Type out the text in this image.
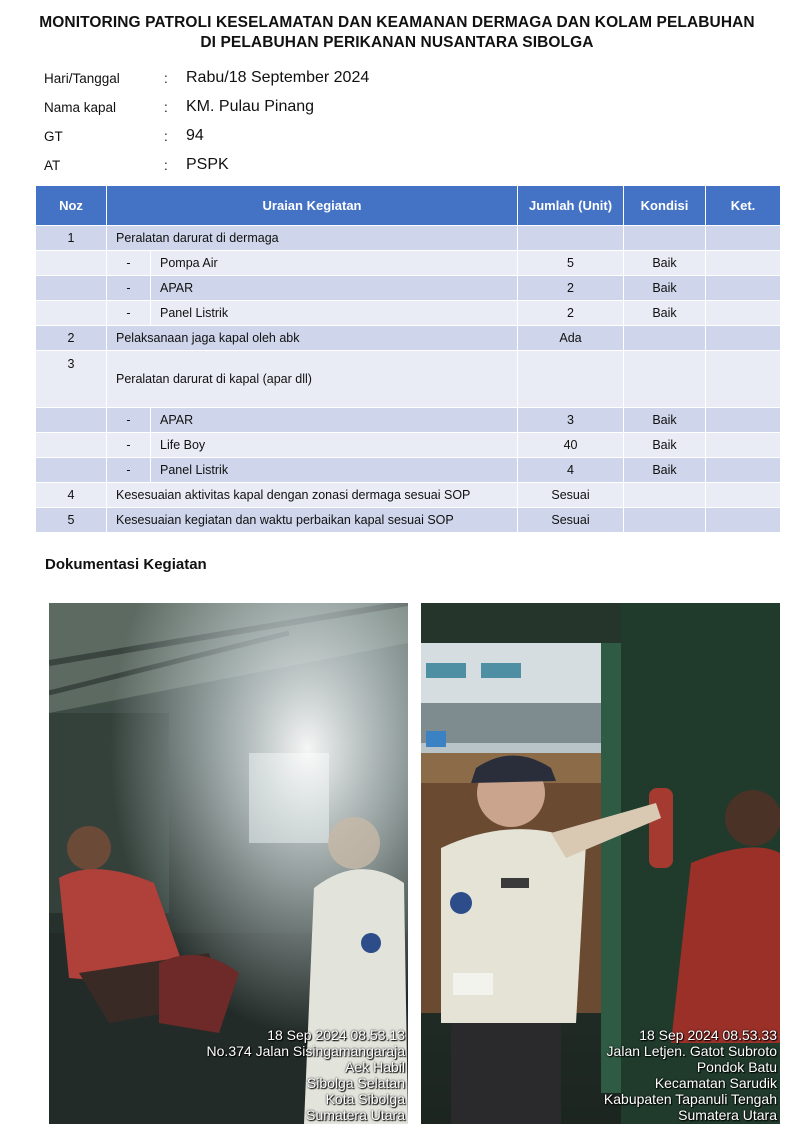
MONITORING PATROLI KESELAMATAN DAN KEAMANAN DERMAGA DAN KOLAM PELABUHAN
DI PELABUHAN PERIKANAN NUSANTARA SIBOLGA
Hari/Tanggal	:	Rabu/18 September 2024
Nama kapal	:	KM. Pulau Pinang
GT	:	94
AT	:	PSPK
Noz	Uraian Kegiatan		Jumlah (Unit)	Kondisi	Ket.
1	Peralatan darurat di dermaga				
	-	Pompa Air	5	Baik	
	-	APAR	2	Baik	
	-	Panel Listrik	2	Baik	
2	Pelaksanaan jaga kapal oleh abk		Ada		
3	Peralatan darurat di kapal (apar dll)				
	-	APAR	3	Baik	
	-	Life Boy	40	Baik	
	-	Panel Listrik	4	Baik	
4	Kesesuaian aktivitas kapal dengan zonasi dermaga sesuai SOP		Sesuai		
5	Kesesuaian kegiatan dan waktu perbaikan kapal sesuai SOP		Sesuai		
Dokumentasi Kegiatan
18 Sep 2024 08.53.13
No.374 Jalan Sisingamangaraja
Aek Habil
Sibolga Selatan
Kota Sibolga
Sumatera Utara
18 Sep 2024 08.53.33
Jalan Letjen. Gatot Subroto
Pondok Batu
Kecamatan Sarudik
Kabupaten Tapanuli Tengah
Sumatera Utara
